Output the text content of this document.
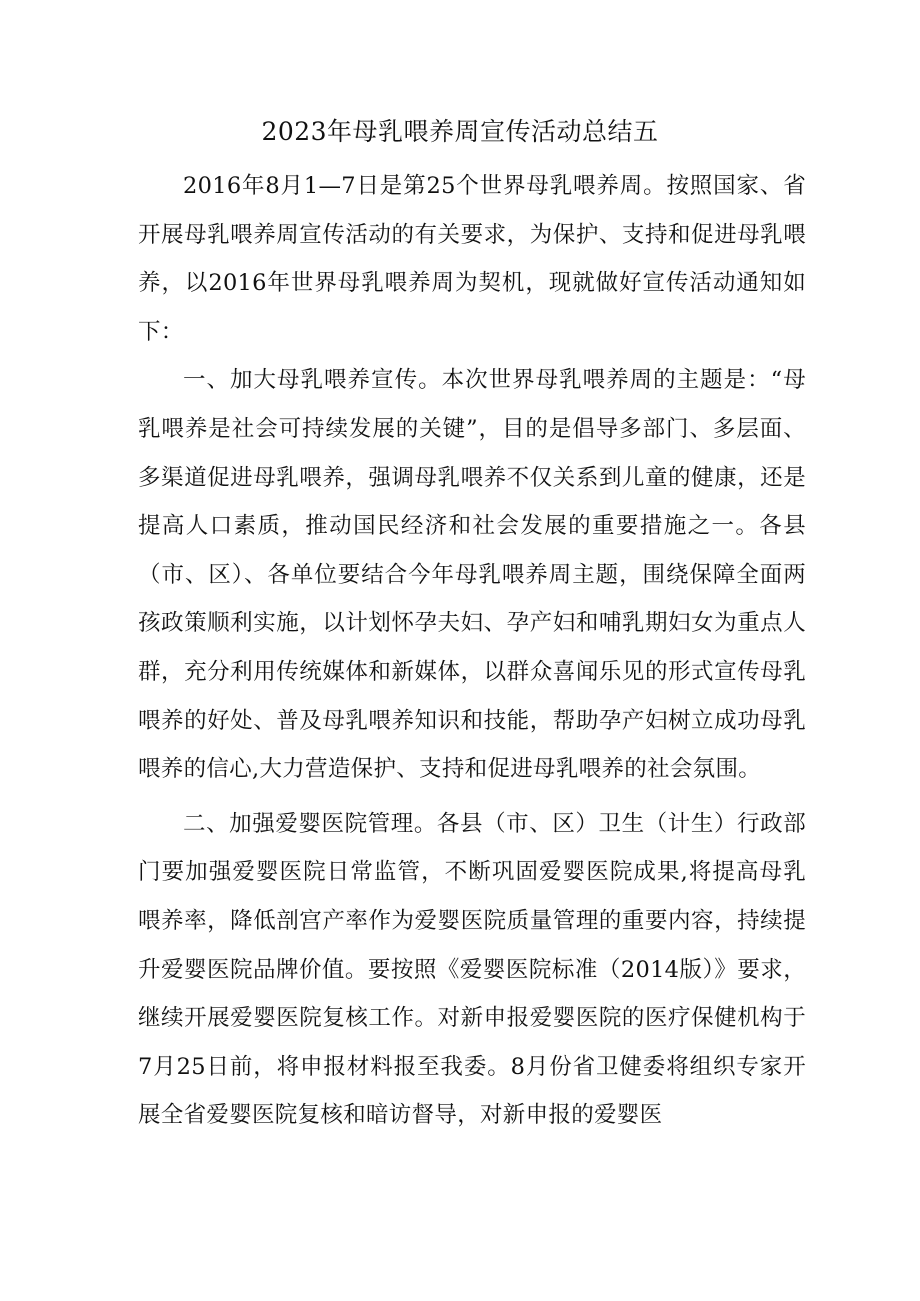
2023年母乳喂养周宣传活动总结五

2016年8月1—7日是第25个世界母乳喂养周。按照国家、省开展母乳喂养周宣传活动的有关要求，为保护、支持和促进母乳喂养，以2016年世界母乳喂养周为契机，现就做好宣传活动通知如下：

一、加大母乳喂养宣传。本次世界母乳喂养周的主题是：“母乳喂养是社会可持续发展的关键”，目的是倡导多部门、多层面、多渠道促进母乳喂养，强调母乳喂养不仅关系到儿童的健康，还是提高人口素质，推动国民经济和社会发展的重要措施之一。各县（市、区）、各单位要结合今年母乳喂养周主题，围绕保障全面两孩政策顺利实施，以计划怀孕夫妇、孕产妇和哺乳期妇女为重点人群，充分利用传统媒体和新媒体，以群众喜闻乐见的形式宣传母乳喂养的好处、普及母乳喂养知识和技能，帮助孕产妇树立成功母乳喂养的信心,大力营造保护、支持和促进母乳喂养的社会氛围。

二、加强爱婴医院管理。各县（市、区）卫生（计生）行政部门要加强爱婴医院日常监管，不断巩固爱婴医院成果,将提高母乳喂养率，降低剖宫产率作为爱婴医院质量管理的重要内容，持续提升爱婴医院品牌价值。要按照《爱婴医院标准（2014版）》要求，继续开展爱婴医院复核工作。对新申报爱婴医院的医疗保健机构于7月25日前，将申报材料报至我委。8月份省卫健委将组织专家开展全省爱婴医院复核和暗访督导，对新申报的爱婴医
